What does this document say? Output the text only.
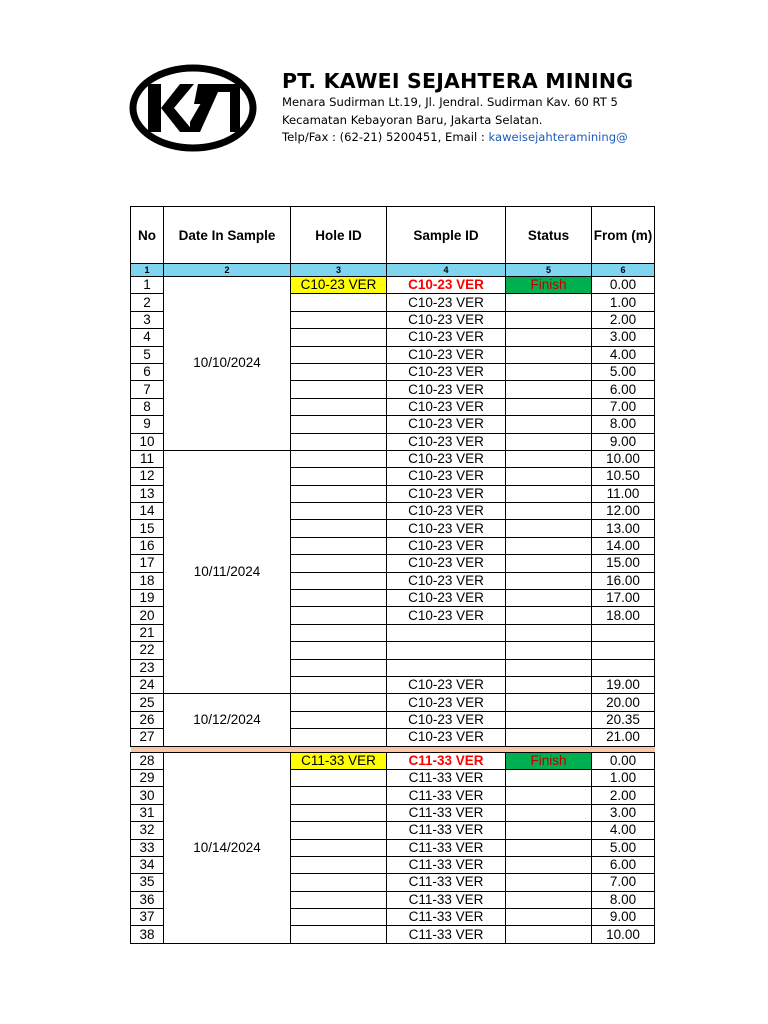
PT. KAWEI SEJAHTERA MINING
Menara Sudirman Lt.19, Jl. Jendral. Sudirman Kav. 60 RT 5
Kecamatan Kebayoran Baru, Jakarta Selatan.
Telp/Fax : (62-21) 5200451, Email : kaweisejahteramining@
No	Date In Sample	Hole ID	Sample ID	Status	From (m)
1	2	3	4	5	6
1	10/10/2024	C10-23 VER	C10-23 VER	Finish	0.00
2			C10-23 VER		1.00
3			C10-23 VER		2.00
4			C10-23 VER		3.00
5			C10-23 VER		4.00
6			C10-23 VER		5.00
7			C10-23 VER		6.00
8			C10-23 VER		7.00
9			C10-23 VER		8.00
10			C10-23 VER		9.00
11	10/11/2024		C10-23 VER		10.00
12			C10-23 VER		10.50
13			C10-23 VER		11.00
14			C10-23 VER		12.00
15			C10-23 VER		13.00
16			C10-23 VER		14.00
17			C10-23 VER		15.00
18			C10-23 VER		16.00
19			C10-23 VER		17.00
20			C10-23 VER		18.00
21					
22					
23					
24			C10-23 VER		19.00
25	10/12/2024		C10-23 VER		20.00
26			C10-23 VER		20.35
27			C10-23 VER		21.00

28	10/14/2024	C11-33 VER	C11-33 VER	Finish	0.00
29			C11-33 VER		1.00
30			C11-33 VER		2.00
31			C11-33 VER		3.00
32			C11-33 VER		4.00
33			C11-33 VER		5.00
34			C11-33 VER		6.00
35			C11-33 VER		7.00
36			C11-33 VER		8.00
37			C11-33 VER		9.00
38			C11-33 VER		10.00
